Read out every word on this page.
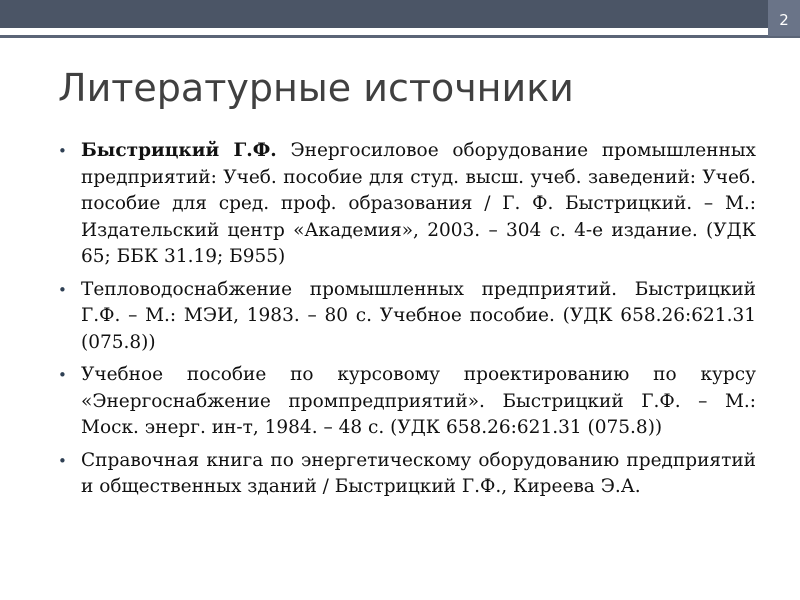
2
Литературные источники
• Быстрицкий Г.Ф. Энергосиловое оборудование промышленных предприятий: Учеб. пособие для студ. высш. учеб. заведений: Учеб. пособие для сред. проф. образования / Г. Ф. Быстрицкий. – М.: Издательский центр «Академия», 2003. – 304 с. 4-е издание. (УДК 65; ББК 31.19; Б955)
• Тепловодоснабжение промышленных предприятий. Быстрицкий Г.Ф. – М.: МЭИ, 1983. – 80 с. Учебное пособие. (УДК 658.26:621.31 (075.8))
• Учебное пособие по курсовому проектированию по курсу «Энергоснабжение промпредприятий». Быстрицкий Г.Ф. – М.: Моск. энерг. ин-т, 1984. – 48 с. (УДК 658.26:621.31 (075.8))
• Справочная книга по энергетическому оборудованию предприятий и общественных зданий / Быстрицкий Г.Ф., Киреева Э.А.
